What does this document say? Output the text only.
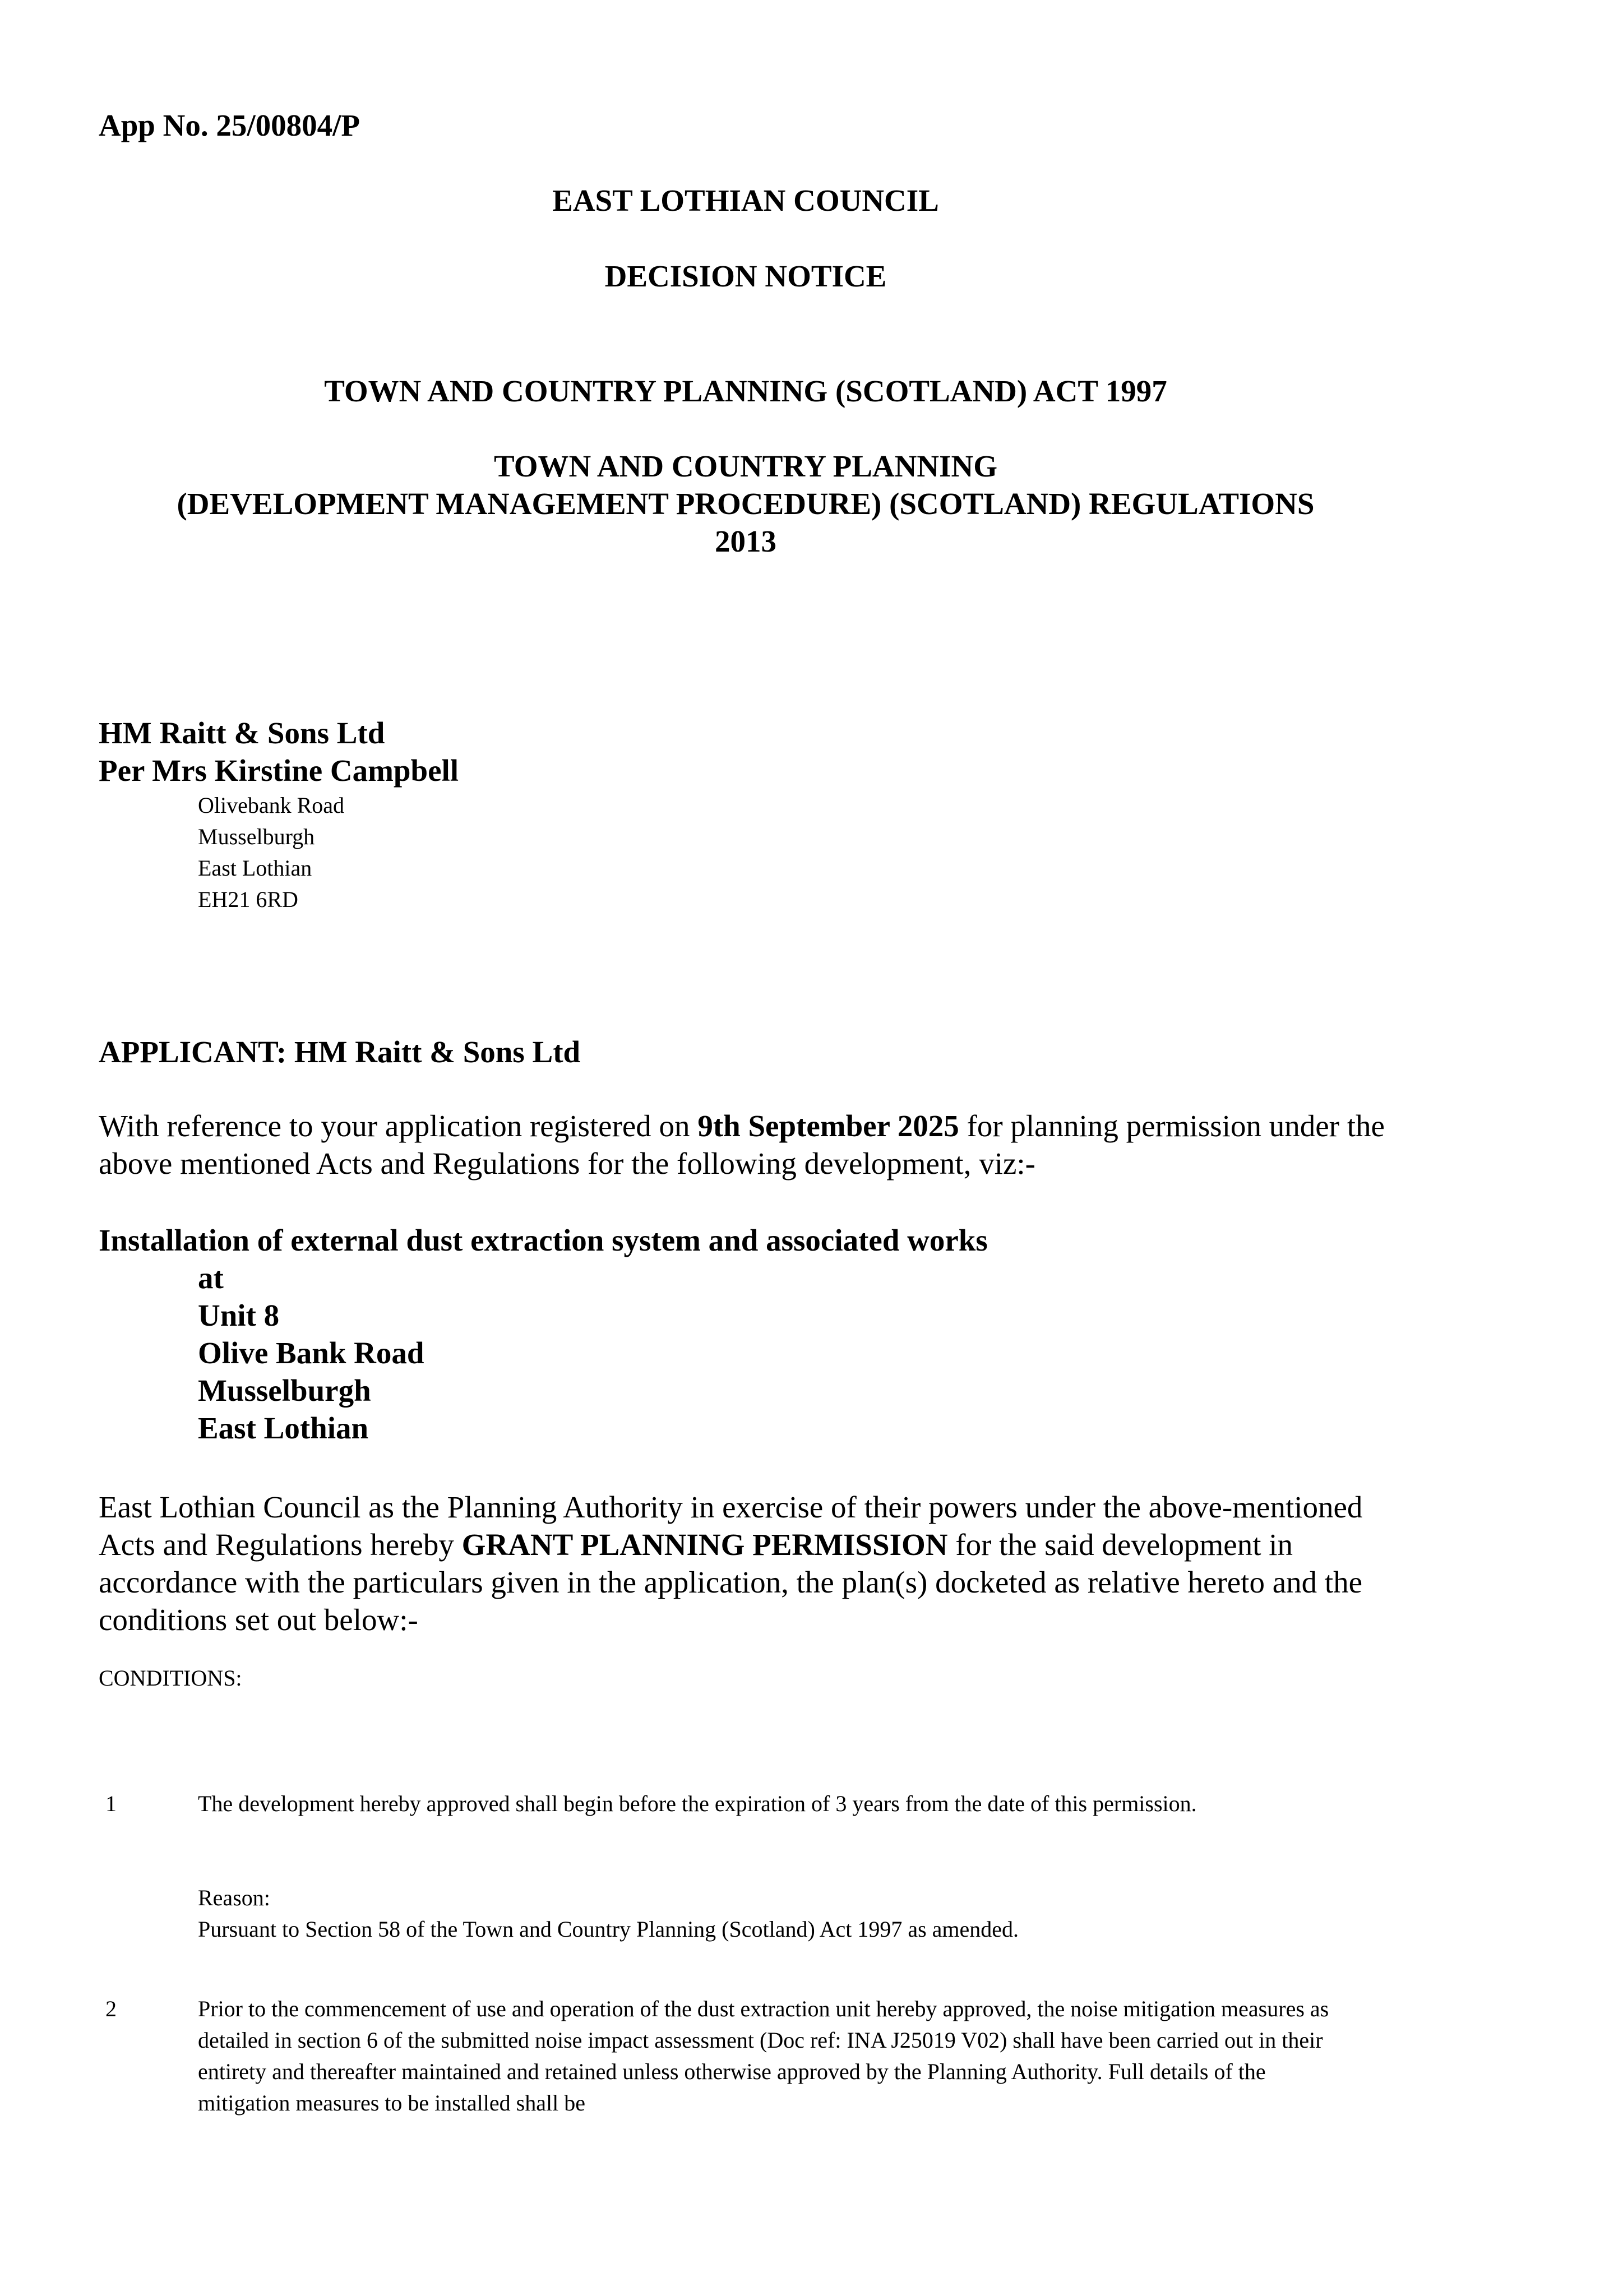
App No. 25/00804/P
EAST LOTHIAN COUNCIL
DECISION NOTICE
TOWN AND COUNTRY PLANNING (SCOTLAND) ACT 1997
TOWN AND COUNTRY PLANNING
(DEVELOPMENT MANAGEMENT PROCEDURE) (SCOTLAND) REGULATIONS
2013
HM Raitt & Sons Ltd
Per Mrs Kirstine Campbell
Olivebank Road
Musselburgh
East Lothian
EH21 6RD
APPLICANT: HM Raitt & Sons Ltd
With reference to your application registered on 9th September 2025 for planning permission under the above mentioned Acts and Regulations for the following development, viz:-
Installation of external dust extraction system and associated works
at
Unit 8
Olive Bank Road
Musselburgh
East Lothian
East Lothian Council as the Planning Authority in exercise of their powers under the above-mentioned Acts and Regulations hereby GRANT PLANNING PERMISSION for the said development in accordance with the particulars given in the application, the plan(s) docketed as relative hereto and the conditions set out below:-
CONDITIONS:
1	The development hereby approved shall begin before the expiration of 3 years from the date of this permission.
Reason:
Pursuant to Section 58 of the Town and Country Planning (Scotland) Act 1997 as amended.
2	Prior to the commencement of use and operation of the dust extraction unit hereby approved, the noise mitigation measures as detailed in section 6 of the submitted noise impact assessment (Doc ref: INA J25019 V02) shall have been carried out in their entirety and thereafter maintained and retained unless otherwise approved by the Planning Authority. Full details of the mitigation measures to be installed shall be
